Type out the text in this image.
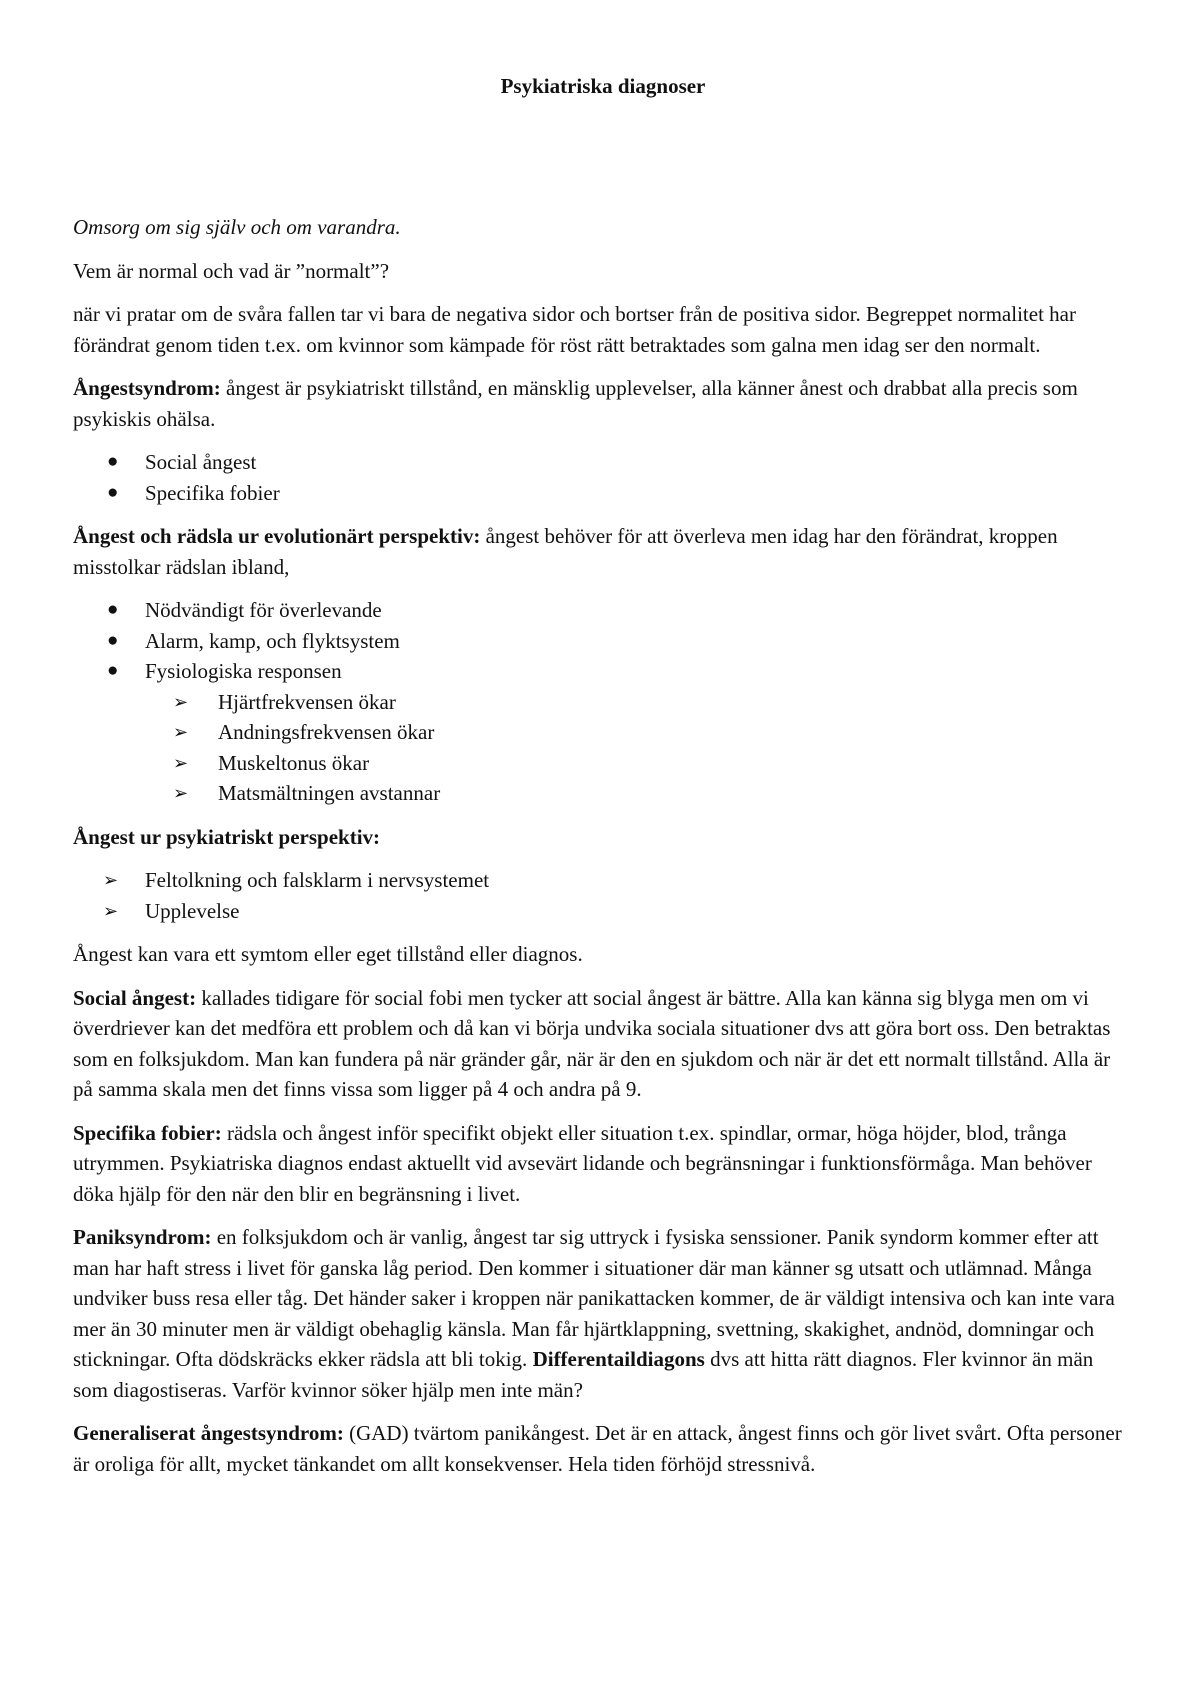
Psykiatriska diagnoser

Omsorg om sig själv och om varandra.

Vem är normal och vad är ”normalt”?

när vi pratar om de svåra fallen tar vi bara de negativa sidor och bortser från de positiva sidor. Begreppet normalitet har förändrat genom tiden t.ex. om kvinnor som kämpade för röst rätt betraktades som galna men idag ser den normalt.

Ångestsyndrom: ångest är psykiatriskt tillstånd, en mänsklig upplevelser, alla känner ånest och drabbat alla precis som psykiskis ohälsa.

● Social ångest
● Specifika fobier

Ångest och rädsla ur evolutionärt perspektiv: ångest behöver för att överleva men idag har den förändrat, kroppen misstolkar rädslan ibland,

● Nödvändigt för överlevande
● Alarm, kamp, och flyktsystem
● Fysiologiska responsen
➢ Hjärtfrekvensen ökar
➢ Andningsfrekvensen ökar
➢ Muskeltonus ökar
➢ Matsmältningen avstannar

Ångest ur psykiatriskt perspektiv:

➢ Feltolkning och falsklarm i nervsystemet
➢ Upplevelse

Ångest kan vara ett symtom eller eget tillstånd eller diagnos.

Social ångest: kallades tidigare för social fobi men tycker att social ångest är bättre. Alla kan känna sig blyga men om vi överdriever kan det medföra ett problem och då kan vi börja undvika sociala situationer dvs att göra bort oss. Den betraktas som en folksjukdom. Man kan fundera på när gränder går, när är den en sjukdom och när är det ett normalt tillstånd. Alla är på samma skala men det finns vissa som ligger på 4 och andra på 9.

Specifika fobier: rädsla och ångest inför specifikt objekt eller situation t.ex. spindlar, ormar, höga höjder, blod, trånga utrymmen. Psykiatriska diagnos endast aktuellt vid avsevärt lidande och begränsningar i funktionsförmåga. Man behöver döka hjälp för den när den blir en begränsning i livet.

Paniksyndrom: en folksjukdom och är vanlig, ångest tar sig uttryck i fysiska senssioner. Panik syndorm kommer efter att man har haft stress i livet för ganska låg period. Den kommer i situationer där man känner sg utsatt och utlämnad. Många undviker buss resa eller tåg. Det händer saker i kroppen när panikattacken kommer, de är väldigt intensiva och kan inte vara mer än 30 minuter men är väldigt obehaglig känsla. Man får hjärtklappning, svettning, skakighet, andnöd, domningar och stickningar. Ofta dödskräcks ekker rädsla att bli tokig. Differentaildiagons dvs att hitta rätt diagnos. Fler kvinnor än män som diagostiseras. Varför kvinnor söker hjälp men inte män?

Generaliserat ångestsyndrom: (GAD) tvärtom panikångest. Det är en attack, ångest finns och gör livet svårt. Ofta personer är oroliga för allt, mycket tänkandet om allt konsekvenser. Hela tiden förhöjd stressnivå.
